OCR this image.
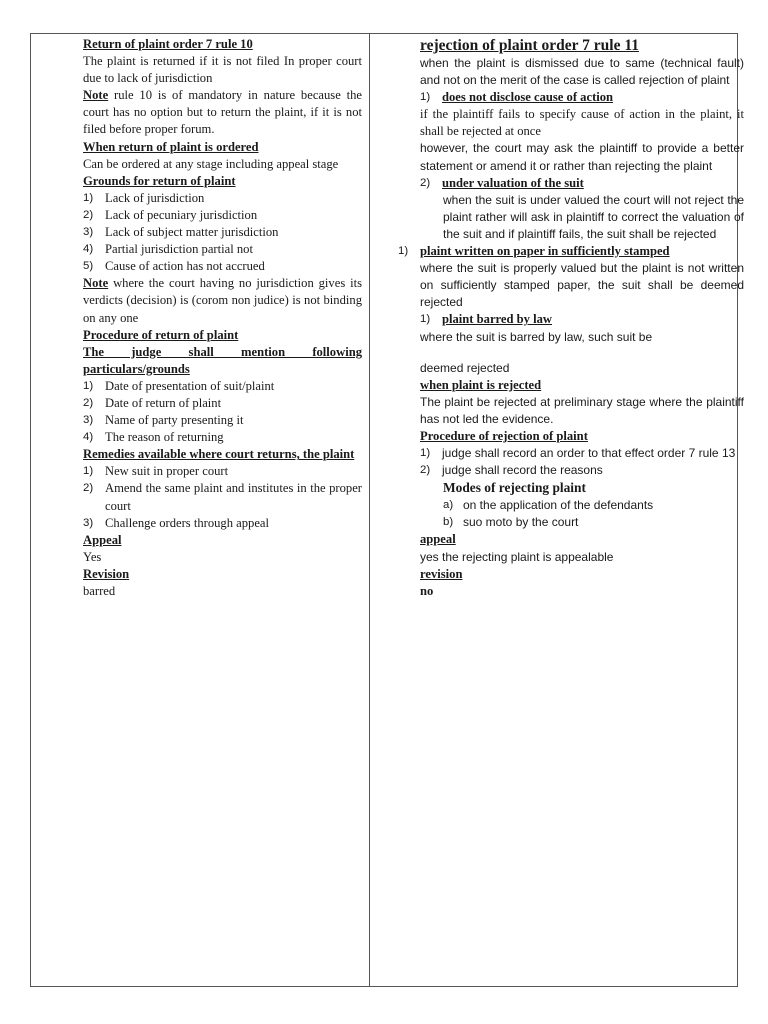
Return of plaint order 7 rule 10

The plaint is returned if it is not filed In proper court due to lack of jurisdiction

Note rule 10 is of mandatory in nature because the court has no option but to return the plaint, if it is not filed before proper forum.

When return of plaint is ordered

Can be ordered at any stage including appeal stage

Grounds for return of plaint

1) Lack of jurisdiction
2) Lack of pecuniary jurisdiction
3) Lack of subject matter jurisdiction
4) Partial jurisdiction partial not
5) Cause of action has not accrued

Note where the court having no jurisdiction gives its verdicts (decision) is (corom non judice) is not binding on any one

Procedure of return of plaint

The judge shall mention following particulars/grounds

1) Date of presentation of suit/plaint
2) Date of return of plaint
3) Name of party presenting it
4) The reason of returning

Remedies available where court returns, the plaint

1) New suit in proper court
2) Amend the same plaint and institutes in the proper court
3) Challenge orders through appeal

Appeal

Yes

Revision

barred

rejection of plaint order 7 rule 11

when the plaint is dismissed due to same (technical fault) and not on the merit of the case is called rejection of plaint

1) does not disclose cause of action

if the plaintiff fails to specify cause of action in the plaint, it shall be rejected at once

however, the court may ask the plaintiff to provide a better statement or amend it or rather than rejecting the plaint

2) under valuation of the suit

when the suit is under valued the court will not reject the plaint rather will ask in plaintiff to correct the valuation of the suit and if plaintiff fails, the suit shall be rejected

1) plaint written on paper in sufficiently stamped

where the suit is properly valued but the plaint is not written on sufficiently stamped paper, the suit shall be deemed rejected

1) plaint barred by law

where the suit is barred by law, such suit be

deemed rejected

when plaint is rejected

The plaint be rejected at preliminary stage where the plaintiff has not led the evidence.

Procedure of rejection of plaint

1) judge shall record an order to that effect order 7 rule 13
2) judge shall record the reasons

Modes of rejecting plaint

a) on the application of the defendants
b) suo moto by the court

appeal

yes the rejecting plaint is appealable

revision

no
